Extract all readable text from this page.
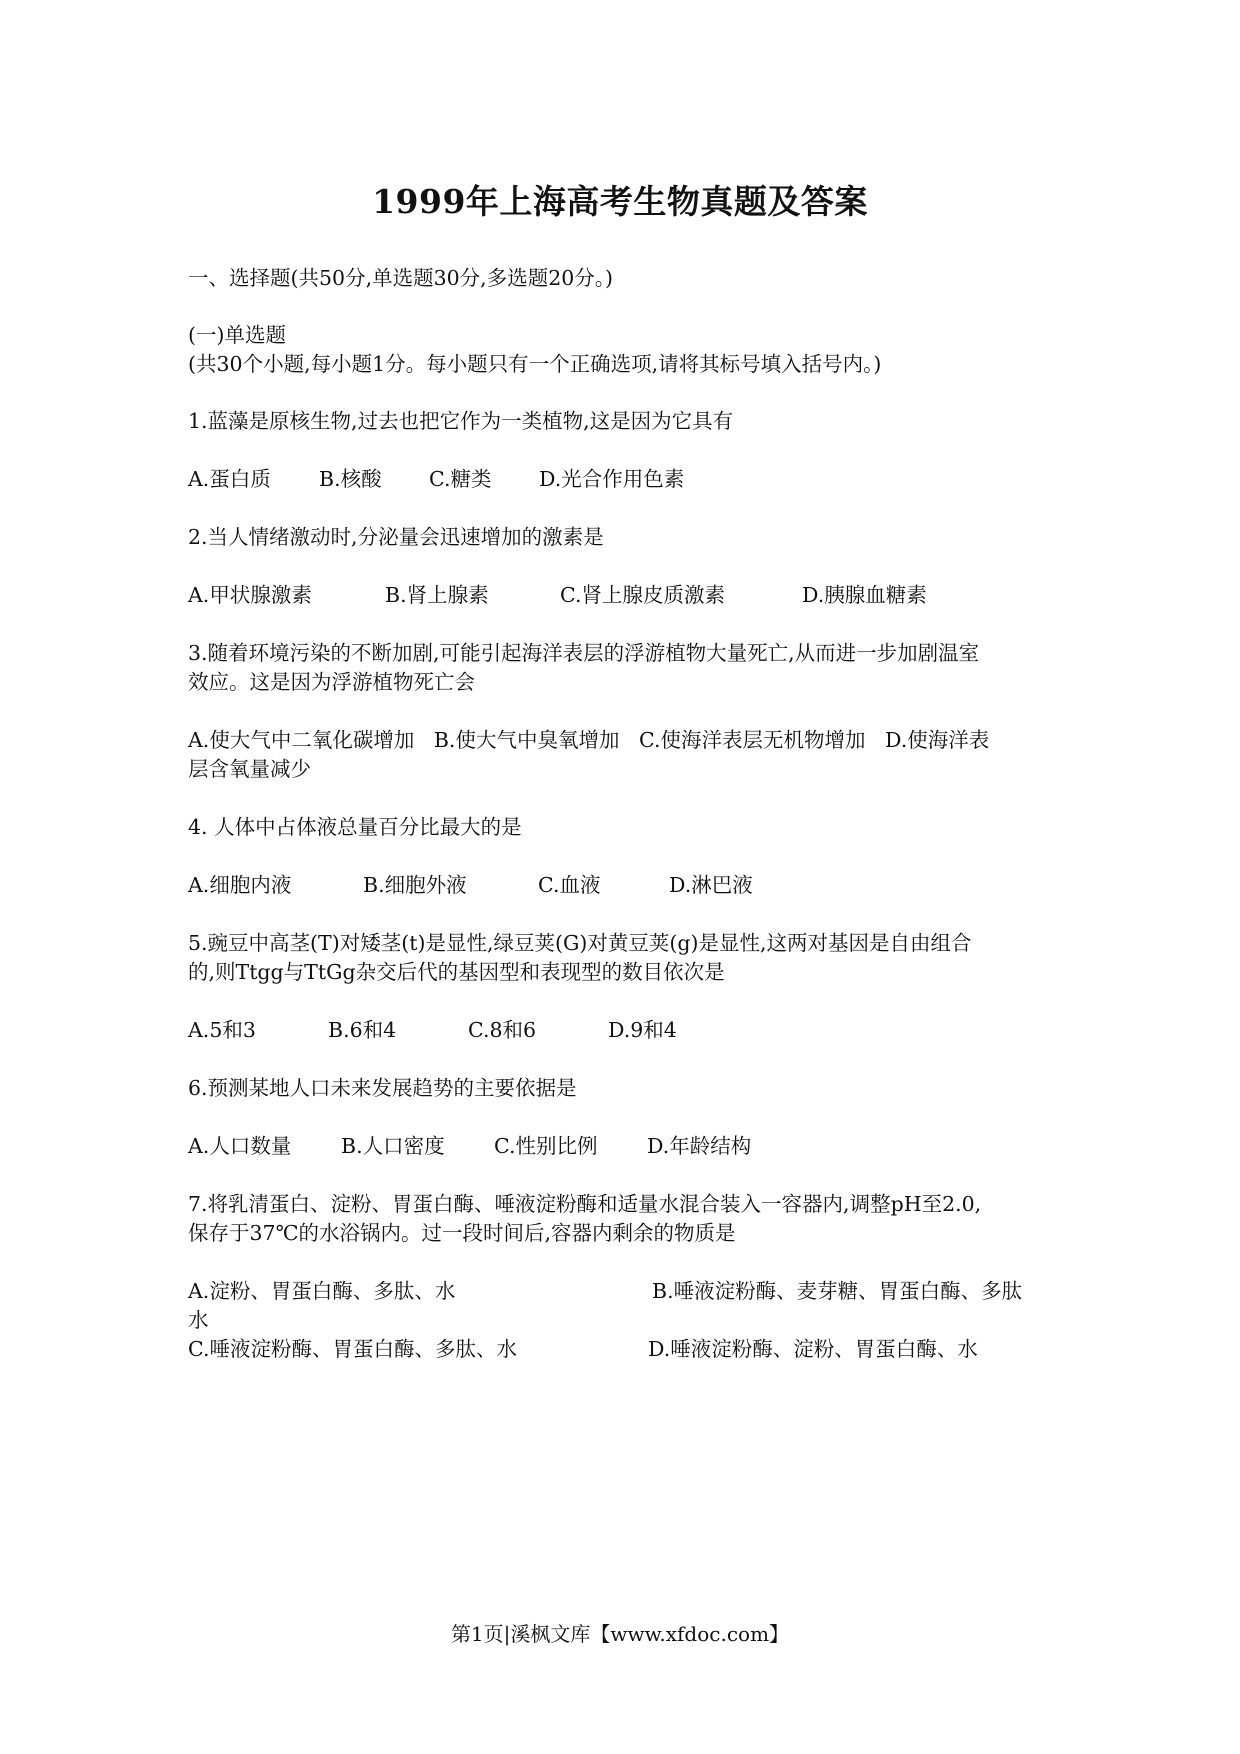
1999年上海高考生物真题及答案
一、选择题(共50分,单选题30分,多选题20分。)
(一)单选题
(共30个小题,每小题1分。每小题只有一个正确选项,请将其标号填入括号内。)
1.蓝藻是原核生物,过去也把它作为一类植物,这是因为它具有
A.蛋白质 B.核酸 C.糖类 D.光合作用色素
2.当人情绪激动时,分泌量会迅速增加的激素是
A.甲状腺激素	B.肾上腺素	C.肾上腺皮质激素	D.胰腺血糖素
3.随着环境污染的不断加剧,可能引起海洋表层的浮游植物大量死亡,从而进一步加剧温室
效应。这是因为浮游植物死亡会
A.使大气中二氧化碳增加   B.使大气中臭氧增加   C.使海洋表层无机物增加   D.使海洋表
层含氧量减少
4. 人体中占体液总量百分比最大的是
A.细胞内液	B.细胞外液	C.血液	D.淋巴液
5.豌豆中高茎(T)对矮茎(t)是显性,绿豆荚(G)对黄豆荚(g)是显性,这两对基因是自由组合
的,则Ttgg与TtGg杂交后代的基因型和表现型的数目依次是
A.5和3	B.6和4	C.8和6	D.9和4
6.预测某地人口未来发展趋势的主要依据是
A.人口数量 B.人口密度 C.性别比例 D.年龄结构
7.将乳清蛋白、淀粉、胃蛋白酶、唾液淀粉酶和适量水混合装入一容器内,调整pH至2.0,
保存于37℃的水浴锅内。过一段时间后,容器内剩余的物质是
A.淀粉、胃蛋白酶、多肽、水	B.唾液淀粉酶、麦芽糖、胃蛋白酶、多肽
水
C.唾液淀粉酶、胃蛋白酶、多肽、水	D.唾液淀粉酶、淀粉、胃蛋白酶、水
第1页|溪枫文库【www.xfdoc.com】
